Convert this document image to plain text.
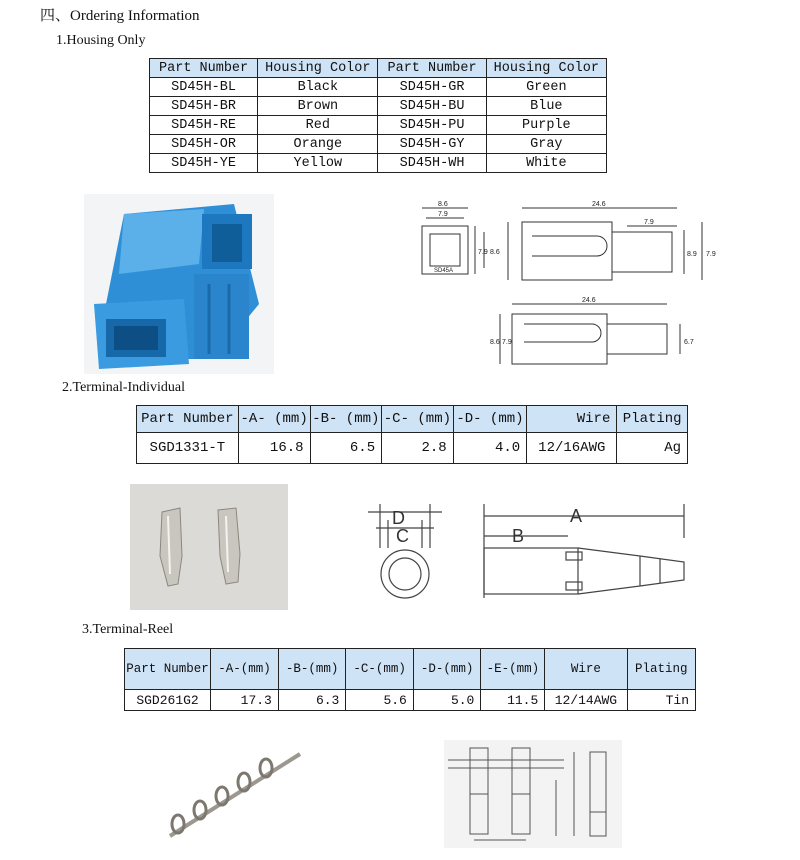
四、Ordering Information
1.Housing Only
Part Number	Housing Color	Part Number	Housing Color
SD45H-BL	Black	SD45H-GR	Green
SD45H-BR	Brown	SD45H-BU	Blue
SD45H-RE	Red	SD45H-PU	Purple
SD45H-OR	Orange	SD45H-GY	Gray
SD45H-YE	Yellow	SD45H-WH	White
8.6
7.9
SD45A
7.9 8.6
24.6
7.9
8.9 7.9
24.6
8.6 7.9	6.7
2.Terminal-Individual
Part Number	-A- (mm)	-B- (mm)	-C- (mm)	-D- (mm)	Wire	Plating
SGD1331-T	16.8	6.5	2.8	4.0	12/16AWG	Ag
D
C
A
B
3.Terminal-Reel
Part Number	-A-(mm)	-B-(mm)	-C-(mm)	-D-(mm)	-E-(mm)	Wire	Plating
SGD261G2	17.3	6.3	5.6	5.0	11.5	12/14AWG	Tin
